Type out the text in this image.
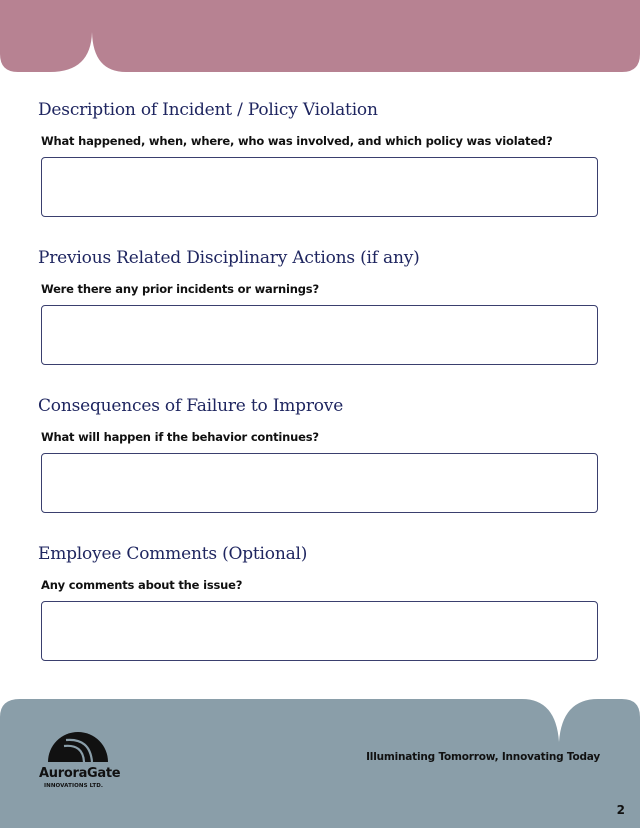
Description of Incident / Policy Violation
What happened, when, where, who was involved, and which policy was violated?
Previous Related Disciplinary Actions (if any)
Were there any prior incidents or warnings?
Consequences of Failure to Improve
What will happen if the behavior continues?
Employee Comments (Optional)
Any comments about the issue?
AuroraGate
INNOVATIONS LTD.
Illuminating Tomorrow, Innovating Today
2
